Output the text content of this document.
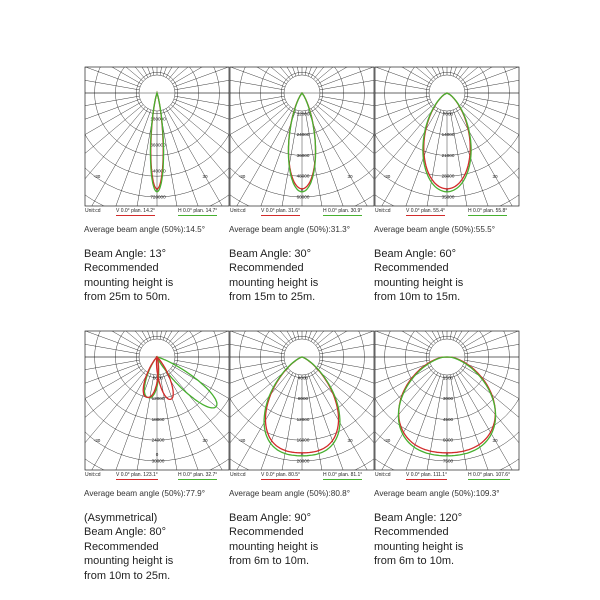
180000
360000
540000
720000
-30	30
0
Unit:cd	V 0.0° plan. 14.2°	H 0.0° plan. 14.7°
Average beam angle (50%):14.5°
Beam Angle: 13°
Recommended
mounting height is
from 25m to 50m.
12000
24000
36000
48000
60000
-30	30
0
Unit:cd	V 0.0° plan. 31.6°	H 0.0° plan. 30.9°
Average beam angle (50%):31.3°
Beam Angle: 30°
Recommended
mounting height is
from 15m to 25m.
7000
14000
21000
28000
35000
-30	30
0
Unit:cd	V 0.0° plan. 55.4°	H 0.0° plan. 55.8°
Average beam angle (50%):55.5°
Beam Angle: 60°
Recommended
mounting height is
from 10m to 15m.
6000
12000
18000
24000
30000
-30	30
0
Unit:cd	V 0.0° plan. 123.1°	H 0.0° plan. 32.7°
Average beam angle (50%):77.9°
(Asymmetrical)
Beam Angle: 80°
Recommended
mounting height is
from 10m to 25m.
4000
8000
12000
16000
20000
-30	30
0
Unit:cd	V 0.0° plan. 80.5°	H 0.0° plan. 81.1°
Average beam angle (50%):80.8°
Beam Angle: 90°
Recommended
mounting height is
from 6m to 10m.
1500
3000
4500
6000
7500
-30	30
0
Unit:cd	V 0.0° plan. 111.1°	H 0.0° plan. 107.6°
Average beam angle (50%):109.3°
Beam Angle: 120°
Recommended
mounting height is
from 6m to 10m.
